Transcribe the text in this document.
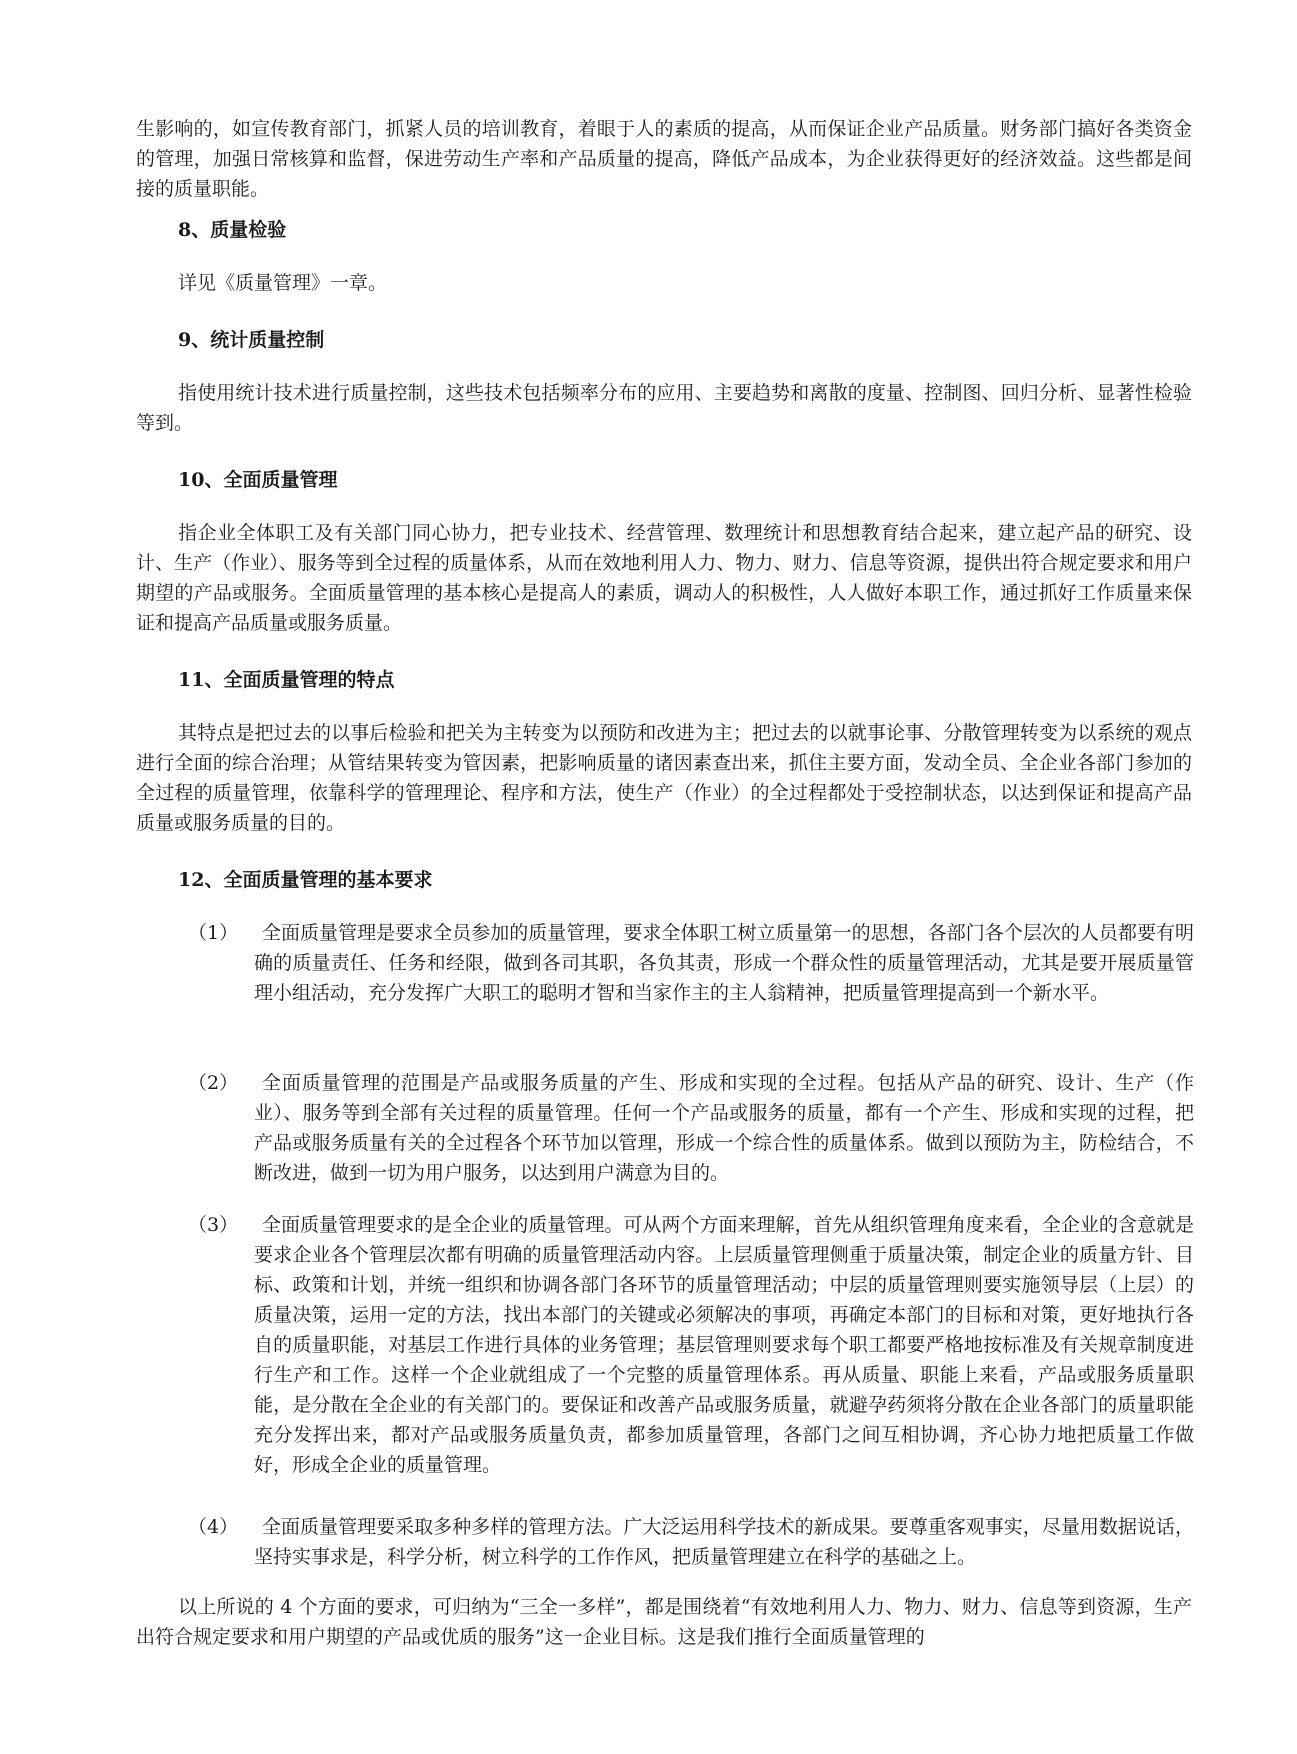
生影响的，如宣传教育部门，抓紧人员的培训教育，着眼于人的素质的提高，从而保证企业产品质量。财务部门搞好各类资金的管理，加强日常核算和监督，保进劳动生产率和产品质量的提高，降低产品成本，为企业获得更好的经济效益。这些都是间接的质量职能。

8、质量检验

详见《质量管理》一章。

9、统计质量控制

指使用统计技术进行质量控制，这些技术包括频率分布的应用、主要趋势和离散的度量、控制图、回归分析、显著性检验等到。

10、全面质量管理

指企业全体职工及有关部门同心协力，把专业技术、经营管理、数理统计和思想教育结合起来，建立起产品的研究、设计、生产（作业）、服务等到全过程的质量体系，从而在效地利用人力、物力、财力、信息等资源，提供出符合规定要求和用户期望的产品或服务。全面质量管理的基本核心是提高人的素质，调动人的积极性，人人做好本职工作，通过抓好工作质量来保证和提高产品质量或服务质量。

11、全面质量管理的特点

其特点是把过去的以事后检验和把关为主转变为以预防和改进为主；把过去的以就事论事、分散管理转变为以系统的观点进行全面的综合治理；从管结果转变为管因素，把影响质量的诸因素查出来，抓住主要方面，发动全员、全企业各部门参加的全过程的质量管理，依靠科学的管理理论、程序和方法，使生产（作业）的全过程都处于受控制状态，以达到保证和提高产品质量或服务质量的目的。

12、全面质量管理的基本要求

（1）	全面质量管理是要求全员参加的质量管理，要求全体职工树立质量第一的思想，各部门各个层次的人员都要有明确的质量责任、任务和经限，做到各司其职，各负其责，形成一个群众性的质量管理活动，尤其是要开展质量管理小组活动，充分发挥广大职工的聪明才智和当家作主的主人翁精神，把质量管理提高到一个新水平。

（2）	全面质量管理的范围是产品或服务质量的产生、形成和实现的全过程。包括从产品的研究、设计、生产（作业）、服务等到全部有关过程的质量管理。任何一个产品或服务的质量，都有一个产生、形成和实现的过程，把产品或服务质量有关的全过程各个环节加以管理，形成一个综合性的质量体系。做到以预防为主，防检结合，不断改进，做到一切为用户服务，以达到用户满意为目的。

（3）	全面质量管理要求的是全企业的质量管理。可从两个方面来理解，首先从组织管理角度来看，全企业的含意就是要求企业各个管理层次都有明确的质量管理活动内容。上层质量管理侧重于质量决策，制定企业的质量方针、目标、政策和计划，并统一组织和协调各部门各环节的质量管理活动；中层的质量管理则要实施领导层（上层）的质量决策，运用一定的方法，找出本部门的关键或必须解决的事项，再确定本部门的目标和对策，更好地执行各自的质量职能，对基层工作进行具体的业务管理；基层管理则要求每个职工都要严格地按标准及有关规章制度进行生产和工作。这样一个企业就组成了一个完整的质量管理体系。再从质量、职能上来看，产品或服务质量职能，是分散在全企业的有关部门的。要保证和改善产品或服务质量，就避孕药须将分散在企业各部门的质量职能充分发挥出来，都对产品或服务质量负责，都参加质量管理，各部门之间互相协调，齐心协力地把质量工作做好，形成全企业的质量管理。

（4）	全面质量管理要采取多种多样的管理方法。广大泛运用科学技术的新成果。要尊重客观事实，尽量用数据说话，坚持实事求是，科学分析，树立科学的工作作风，把质量管理建立在科学的基础之上。

以上所说的 4 个方面的要求，可归纳为“三全一多样”，都是围绕着“有效地利用人力、物力、财力、信息等到资源，生产出符合规定要求和用户期望的产品或优质的服务”这一企业目标。这是我们推行全面质量管理的
